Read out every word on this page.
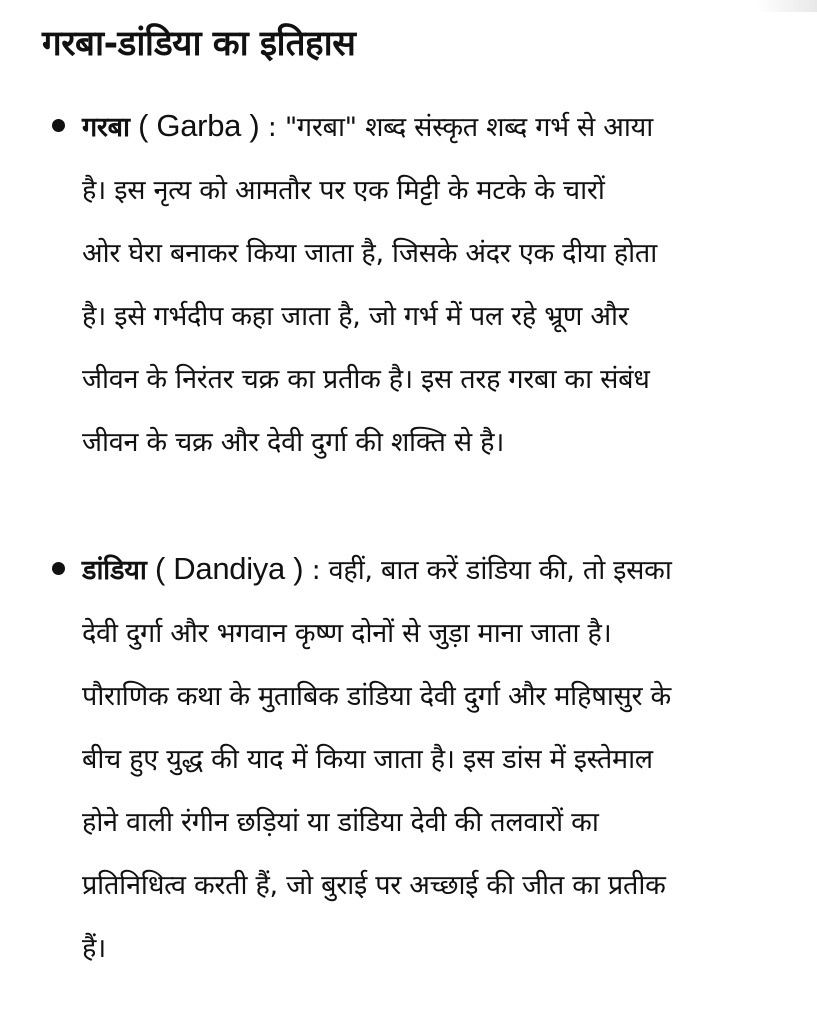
गरबा-डांडिया का इतिहास
गरबा ( Garba ) : "गरबा" शब्द संस्कृत शब्द गर्भ से आया
है। इस नृत्य को आमतौर पर एक मिट्टी के मटके के चारों
ओर घेरा बनाकर किया जाता है, जिसके अंदर एक दीया होता
है। इसे गर्भदीप कहा जाता है, जो गर्भ में पल रहे भ्रूण और
जीवन के निरंतर चक्र का प्रतीक है। इस तरह गरबा का संबंध
जीवन के चक्र और देवी दुर्गा की शक्ति से है।
डांडिया ( Dandiya ) : वहीं, बात करें डांडिया की, तो इसका
देवी दुर्गा और भगवान कृष्ण दोनों से जुड़ा माना जाता है।
पौराणिक कथा के मुताबिक डांडिया देवी दुर्गा और महिषासुर के
बीच हुए युद्ध की याद में किया जाता है। इस डांस में इस्तेमाल
होने वाली रंगीन छड़ियां या डांडिया देवी की तलवारों का
प्रतिनिधित्व करती हैं, जो बुराई पर अच्छाई की जीत का प्रतीक
हैं।
